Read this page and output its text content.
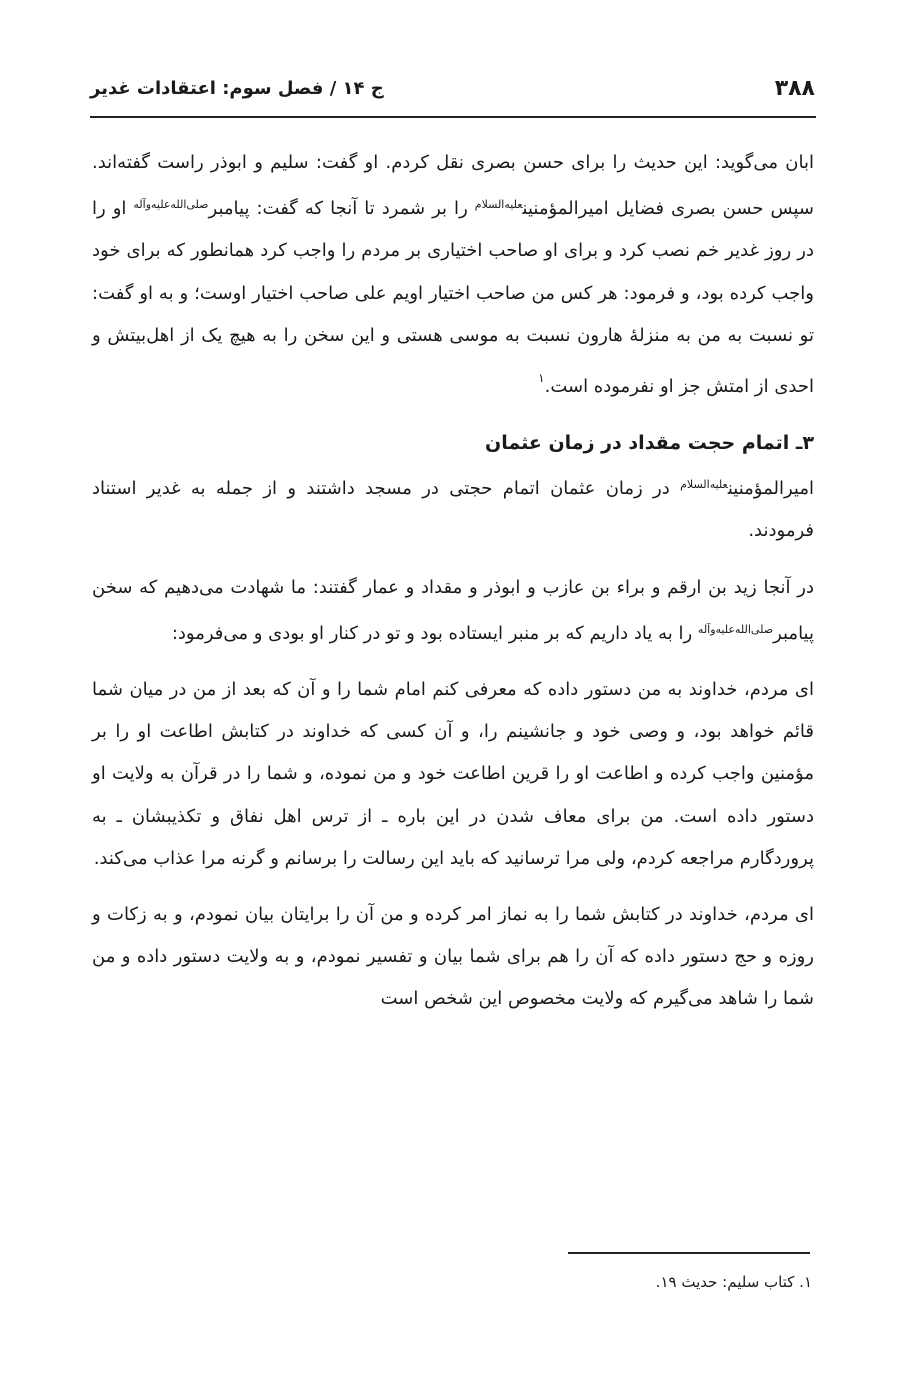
۳۸۸
ج ۱۴ / فصل سوم: اعتقادات غدیر

ابان می‌گوید: این حدیث را برای حسن بصری نقل کردم. او گفت: سلیم و ابوذر راست گفته‌اند. سپس حسن بصری فضایل امیرالمؤمنین$^{علیه‌السلام}$ را بر شمرد تا آنجا که گفت: پیامبر$^{صلی‌الله‌علیه‌وآله}$ او را در روز غدیر خم نصب کرد و برای او صاحب اختیاری بر مردم را واجب کرد همانطور که برای خود واجب کرده بود، و فرمود: هر کس من صاحب اختیار اویم علی صاحب اختیار اوست؛ و به او گفت: تو نسبت به من به منزلهٔ هارون نسبت به موسی هستی و این سخن را به هیچ یک از اهل‌بیتش و احدی از امتش جز او نفرموده است.$^۱$

۳ـ اتمام حجت مقداد در زمان عثمان

امیرالمؤمنین$^{علیه‌السلام}$ در زمان عثمان اتمام حجتی در مسجد داشتند و از جمله به غدیر استناد فرمودند.

در آنجا زید بن ارقم و براء بن عازب و ابوذر و مقداد و عمار گفتند: ما شهادت می‌دهیم که سخن پیامبر$^{صلی‌الله‌علیه‌وآله}$ را به یاد داریم که بر منبر ایستاده بود و تو در کنار او بودی و می‌فرمود:

ای مردم، خداوند به من دستور داده که معرفی کنم امام شما را و آن که بعد از من در میان شما قائم خواهد بود، و وصی خود و جانشینم را، و آن کسی که خداوند در کتابش اطاعت او را بر مؤمنین واجب کرده و اطاعت او را قرین اطاعت خود و من نموده، و شما را در قرآن به ولایت او دستور داده است. من برای معاف شدن در این باره ـ از ترس اهل نفاق و تکذیبشان ـ به پروردگارم مراجعه کردم، ولی مرا ترسانید که باید این رسالت را برسانم و گرنه مرا عذاب می‌کند.

ای مردم، خداوند در کتابش شما را به نماز امر کرده و من آن را برایتان بیان نمودم، و به زکات و روزه و حج دستور داده که آن را هم برای شما بیان و تفسیر نمودم، و به ولایت دستور داده و من شما را شاهد می‌گیرم که ولایت مخصوص این شخص است

۱. کتاب سلیم: حدیث ۱۹.
